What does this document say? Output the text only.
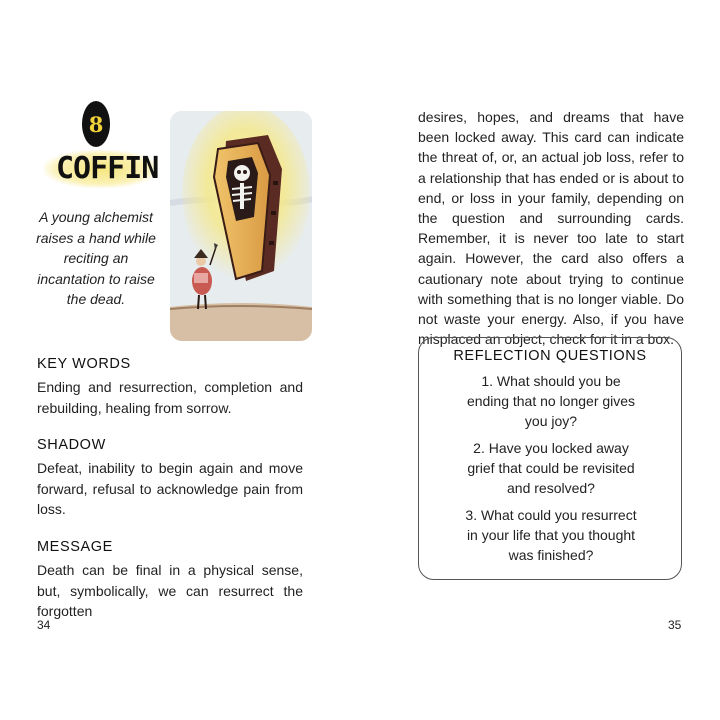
8
COFFIN
A young alchemist raises a hand while reciting an incantation to raise the dead.
KEY WORDS
Ending and resurrection, completion and rebuilding, healing from sorrow.
SHADOW
Defeat, inability to begin again and move forward, refusal to acknowledge pain from loss.
MESSAGE
Death can be final in a physical sense, but, symbolically, we can resurrect the forgotten
34
desires, hopes, and dreams that have been locked away. This card can indicate the threat of, or, an actual job loss, refer to a relationship that has ended or is about to end, or loss in your family, depending on the question and surrounding cards. Remember, it is never too late to start again. However, the card also offers a cautionary note about trying to continue with something that is no longer viable. Do not waste your energy. Also, if you have misplaced an object, check for it in a box.
REFLECTION QUESTIONS
1. What should you be ending that no longer gives you joy?
2. Have you locked away grief that could be revisited and resolved?
3. What could you resurrect in your life that you thought was finished?
35
